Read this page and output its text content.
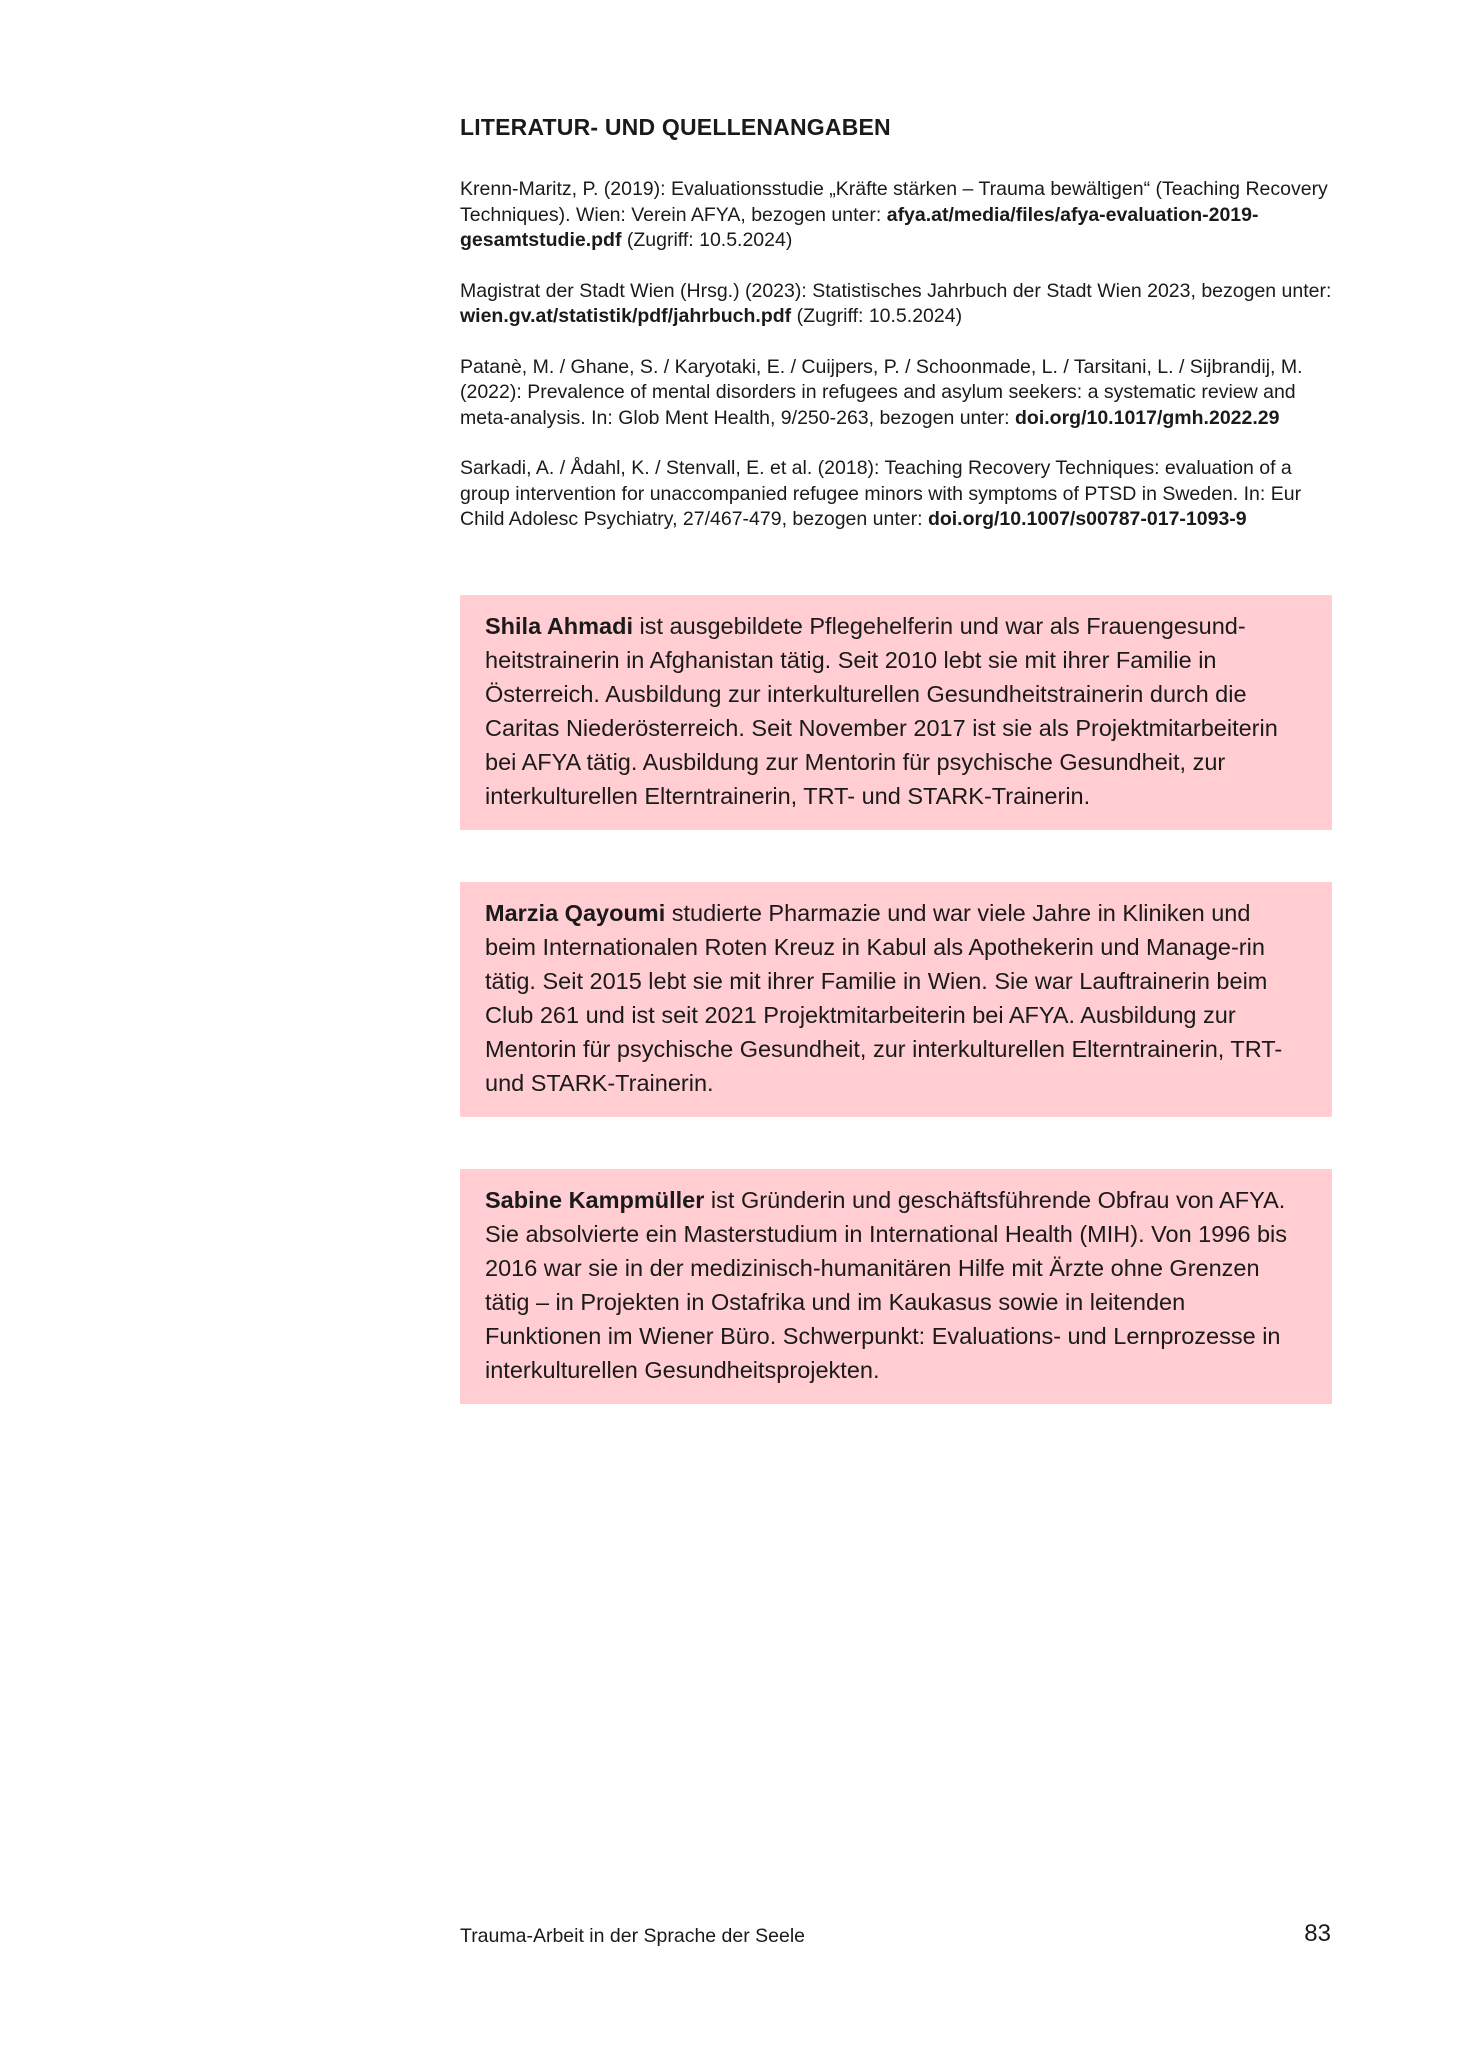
LITERATUR- UND QUELLENANGABEN

Krenn-Maritz, P. (2019): Evaluationsstudie „Kräfte stärken – Trauma bewältigen“ (Teaching Recovery Techniques). Wien: Verein AFYA, bezogen unter: afya.at/media/files/afya-evaluation-2019-gesamtstudie.pdf (Zugriff: 10.5.2024)

Magistrat der Stadt Wien (Hrsg.) (2023): Statistisches Jahrbuch der Stadt Wien 2023, bezogen unter: wien.gv.at/statistik/pdf/jahrbuch.pdf (Zugriff: 10.5.2024)

Patanè, M. / Ghane, S. / Karyotaki, E. / Cuijpers, P. / Schoonmade, L. / Tarsitani, L. / Sijbrandij, M. (2022): Prevalence of mental disorders in refugees and asylum seekers: a systematic review and meta-analysis. In: Glob Ment Health, 9/250-263, bezogen unter: doi.org/10.1017/gmh.2022.29

Sarkadi, A. / Ådahl, K. / Stenvall, E. et al. (2018): Teaching Recovery Techniques: evaluation of a group intervention for unaccompanied refugee minors with symptoms of PTSD in Sweden. In: Eur Child Adolesc Psychiatry, 27/467-479, bezogen unter: doi.org/10.1007/s00787-017-1093-9

Shila Ahmadi ist ausgebildete Pflegehelferin und war als Frauengesund-heitstrainerin in Afghanistan tätig. Seit 2010 lebt sie mit ihrer Familie in Österreich. Ausbildung zur interkulturellen Gesundheitstrainerin durch die Caritas Niederösterreich. Seit November 2017 ist sie als Projektmitarbeiterin bei AFYA tätig. Ausbildung zur Mentorin für psychische Gesundheit, zur interkulturellen Elterntrainerin, TRT- und STARK-Trainerin.
Marzia Qayoumi studierte Pharmazie und war viele Jahre in Kliniken und beim Internationalen Roten Kreuz in Kabul als Apothekerin und Manage-rin tätig. Seit 2015 lebt sie mit ihrer Familie in Wien. Sie war Lauftrainerin beim Club 261 und ist seit 2021 Projektmitarbeiterin bei AFYA. Ausbildung zur Mentorin für psychische Gesundheit, zur interkulturellen Elterntrainerin, TRT- und STARK-Trainerin.
Sabine Kampmüller ist Gründerin und geschäftsführende Obfrau von AFYA. Sie absolvierte ein Masterstudium in International Health (MIH). Von 1996 bis 2016 war sie in der medizinisch-humanitären Hilfe mit Ärzte ohne Grenzen tätig – in Projekten in Ostafrika und im Kaukasus sowie in leitenden Funktionen im Wiener Büro. Schwerpunkt: Evaluations- und Lernprozesse in interkulturellen Gesundheitsprojekten.
Trauma-Arbeit in der Sprache der Seele	83
